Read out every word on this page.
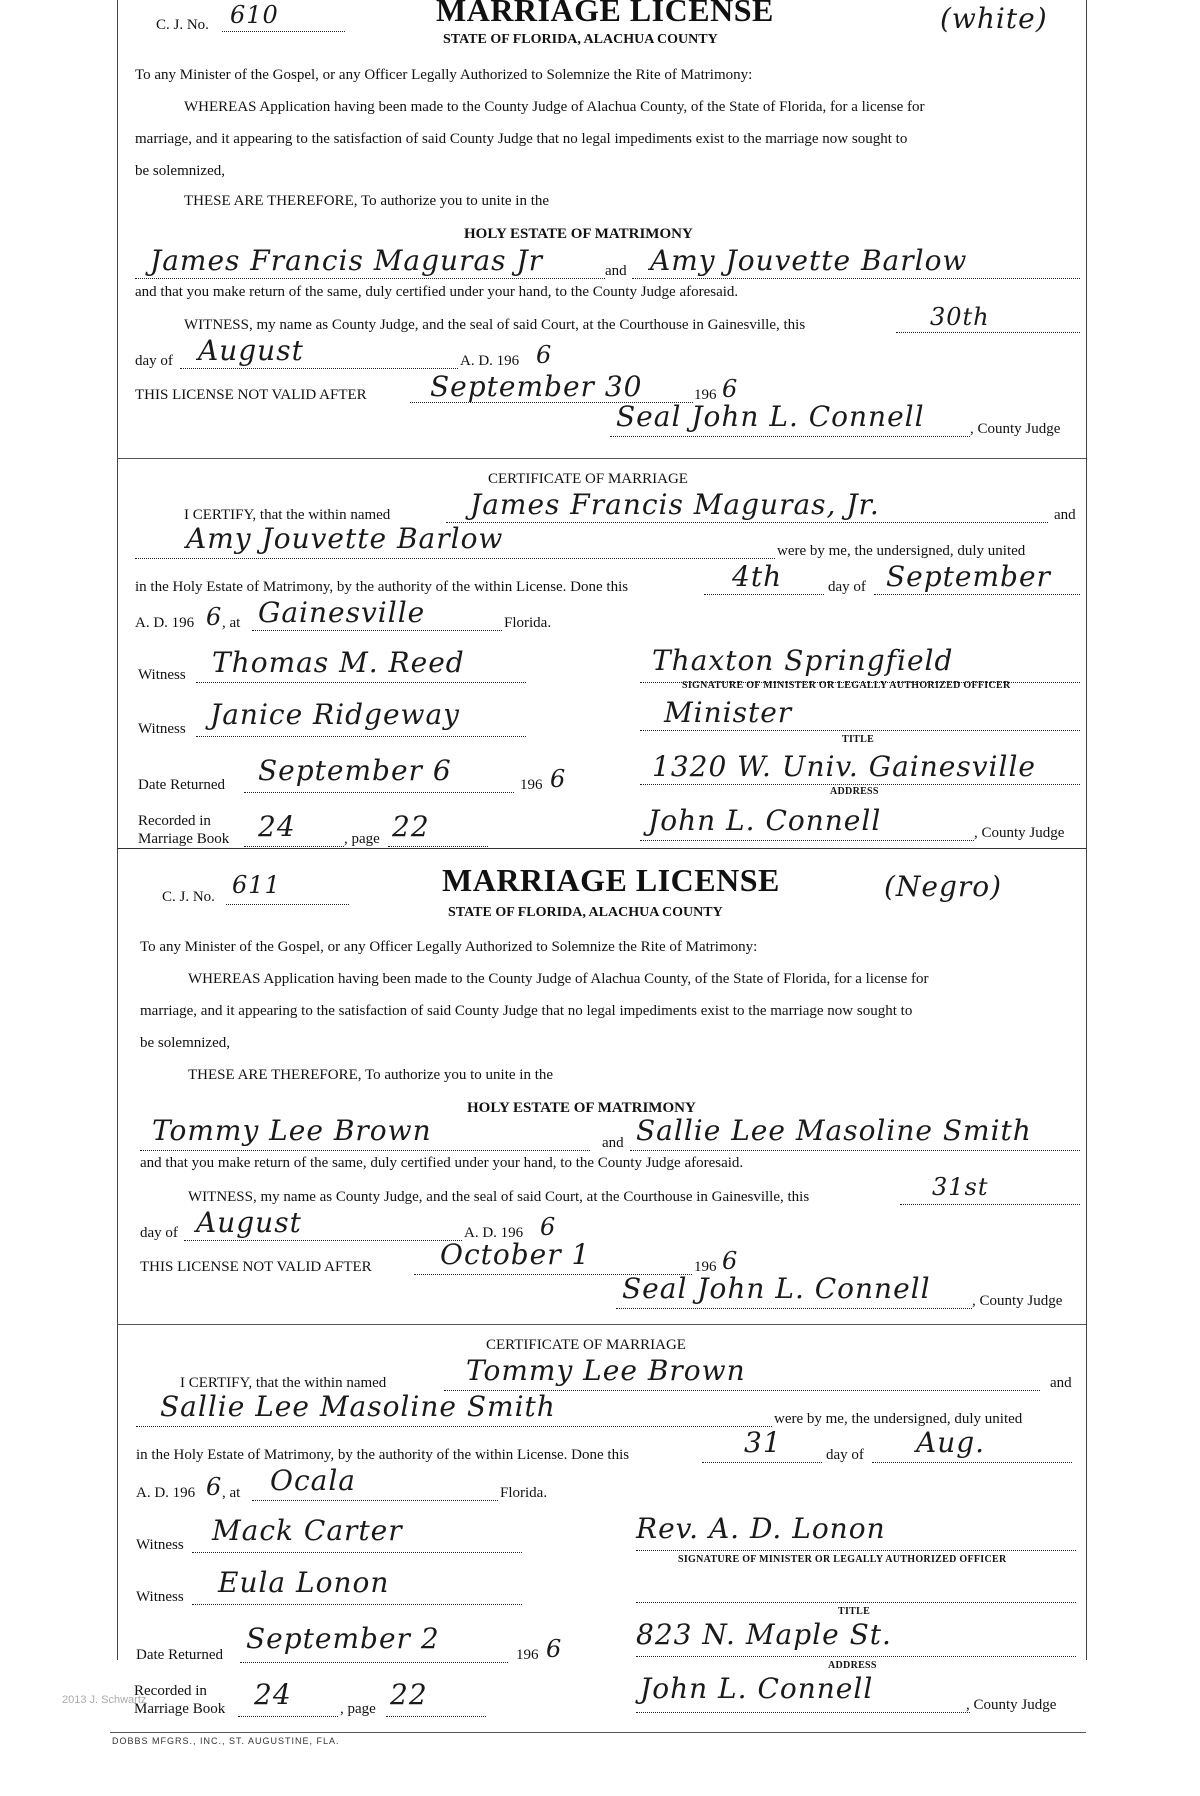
C. J. No. 610	MARRIAGE LICENSE
STATE OF FLORIDA, ALACHUA COUNTY
(white)
To any Minister of the Gospel, or any Officer Legally Authorized to Solemnize the Rite of Matrimony:
WHEREAS Application having been made to the County Judge of Alachua County, of the State of Florida, for a license for
marriage, and it appearing to the satisfaction of said County Judge that no legal impediments exist to the marriage now sought to
be solemnized,
THESE ARE THEREFORE, To authorize you to unite in the
HOLY ESTATE OF MATRIMONY
James Francis Maguras Jr	and Amy Jouvette Barlow
and that you make return of the same, duly certified under your hand, to the County Judge aforesaid.
WITNESS, my name as County Judge, and the seal of said Court, at the Courthouse in Gainesville, this	30th
day of August	A. D. 196 6
THIS LICENSE NOT VALID AFTER September 30	196 6
Seal John L. Connell	, County Judge
CERTIFICATE OF MARRIAGE
I CERTIFY, that the within named	James Francis Maguras, Jr.	and
Amy Jouvette Barlow	were by me, the undersigned, duly united
in the Holy Estate of Matrimony, by the authority of the within License. Done this	4th	day of September
A. D. 196 6 , at Gainesville	Florida.
Witness Thomas M. Reed	Thaxton Springfield
SIGNATURE OF MINISTER OR LEGALLY AUTHORIZED OFFICER
Witness Janice Ridgeway	Minister
TITLE
Date Returned September 6	196 6	1320 W. Univ. Gainesville
ADDRESS
Recorded in
Marriage Book 24	, page 22	John L. Connell	, County Judge
C. J. No. 611	MARRIAGE LICENSE
STATE OF FLORIDA, ALACHUA COUNTY
(Negro)
To any Minister of the Gospel, or any Officer Legally Authorized to Solemnize the Rite of Matrimony:
WHEREAS Application having been made to the County Judge of Alachua County, of the State of Florida, for a license for
marriage, and it appearing to the satisfaction of said County Judge that no legal impediments exist to the marriage now sought to
be solemnized,
THESE ARE THEREFORE, To authorize you to unite in the
HOLY ESTATE OF MATRIMONY
Tommy Lee Brown	and Sallie Lee Masoline Smith
and that you make return of the same, duly certified under your hand, to the County Judge aforesaid.
WITNESS, my name as County Judge, and the seal of said Court, at the Courthouse in Gainesville, this	31st
day of August	A. D. 196 6
THIS LICENSE NOT VALID AFTER October 1	196 6
Seal John L. Connell	, County Judge
CERTIFICATE OF MARRIAGE
I CERTIFY, that the within named	Tommy Lee Brown	and
Sallie Lee Masoline Smith	were by me, the undersigned, duly united
in the Holy Estate of Matrimony, by the authority of the within License. Done this	31	day of Aug.
A. D. 196 6 , at Ocala	Florida.
Witness Mack Carter	Rev. A. D. Lonon
SIGNATURE OF MINISTER OR LEGALLY AUTHORIZED OFFICER
Witness Eula Lonon
TITLE
Date Returned September 2	196 6	823 N. Maple St.
ADDRESS
Recorded in
Marriage Book 24	, page 22	John L. Connell	, County Judge
2013 J. Schwartz
DOBBS MFGRS., INC., ST. AUGUSTINE, FLA.
